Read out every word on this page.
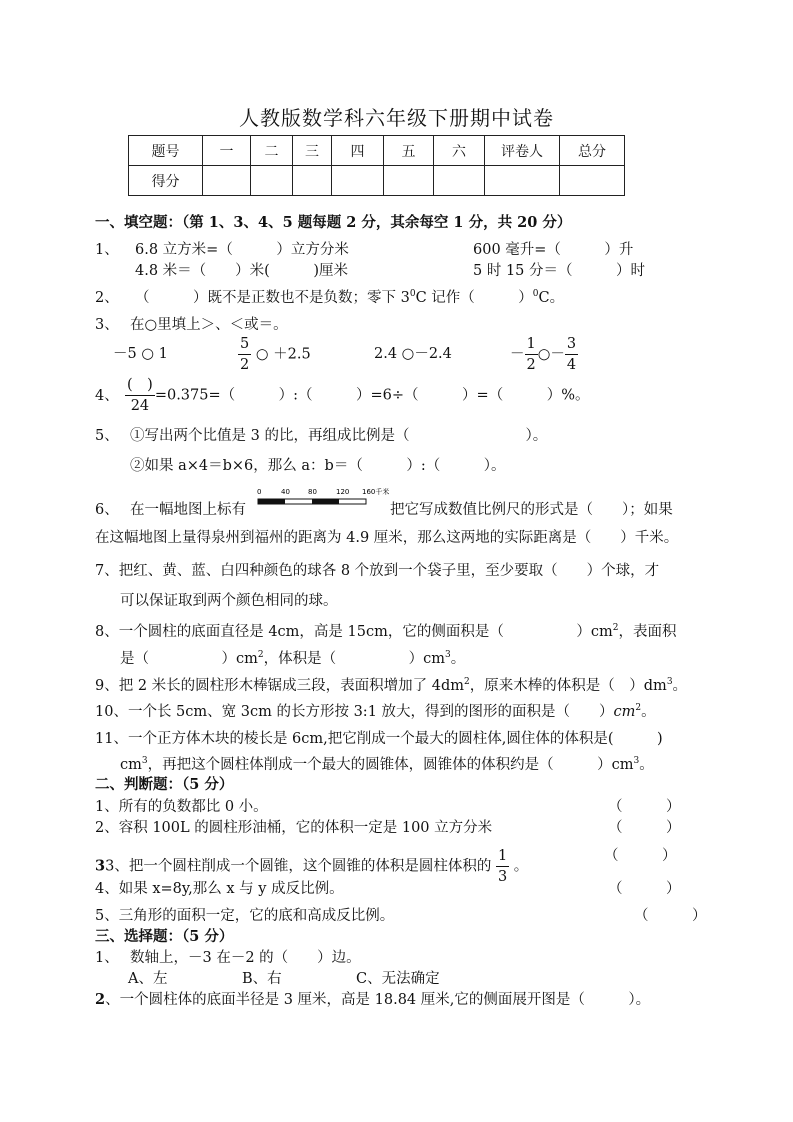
人教版数学科六年级下册期中试卷
题号	一	二	三	四	五	六	评卷人	总分
得分								
一、填空题：（第 1、3、4、5 题每题 2 分，其余每空 1 分，共 20 分）
1、 6.8 立方米=（　　　）立方分米	600 毫升=（　　　）升
4.8 米＝（　　）米(　　　)厘米	5 时 15 分＝（　　　）时
2、 （　　　）既不是正数也不是负数；零下 $3^0C$ 记作（　　　）$^0$C。
3、 在○里填上＞、＜或＝。
－5 ○ 1	$\frac{5}{2}$ ○ ＋2.5	2.4 ○－2.4	－ $\frac{1}{2}$ ○－ $\frac{3}{4}$
4、 $\frac{( )}{24} =0.375=$（　　　）:（　　　）=6÷（　　　）=（　　　）%。
5、 ①写出两个比值是 3 的比，再组成比例是（　　　　　　　　）。
②如果 a×4＝b×6，那么 a：b＝（　　　）:（　　　）。
6、 在一幅地图上标有
0	40	80	120 160千米
把它写成数值比例尺的形式是（　　）；如果
在这幅地图上量得泉州到福州的距离为 4.9 厘米，那么这两地的实际距离是（　　）千米。
7、把红、黄、蓝、白四种颜色的球各 8 个放到一个袋子里，至少要取（　　）个球，才
可以保证取到两个颜色相同的球。
8、一个圆柱的底面直径是 4cm，高是 15cm，它的侧面积是（　　　　　）$cm^2$，表面积
是（　　　　　）$cm^2$，体积是（　　　　　）$cm^3$。
9、把 2 米长的圆柱形木棒锯成三段，表面积增加了 $4dm^2$，原来木棒的体积是（　）$dm^3$。
10、一个长 5cm、宽 3cm 的长方形按 3:1 放大，得到的图形的面积是（　　）$cm^2$。
11、一个正方体木块的棱长是 6cm,把它削成一个最大的圆柱体,圆住体的体积是(　　　)
$cm^3$，再把这个圆柱体削成一个最大的圆锥体，圆锥体的体积约是（　　　）$cm^3$。
二、判断题：（5 分）
1、所有的负数都比 0 小。	（　　　）
2、容积 100L 的圆柱形油桶，它的体积一定是 100 立方分米	（　　　）
33、把一个圆柱削成一个圆锥，这个圆锥的体积是圆柱体积的 $\frac{1}{3}$ 。
（　　　）
4、如果 x=8y,那么 x 与 y 成反比例。	（　　　）
5、三角形的面积一定，它的底和高成反比例。	（　　　）
三、选择题：（5 分）
1、 数轴上，－3 在－2 的（　　）边。
A、左	B、右	C、无法确定
2、一个圆柱体的底面半径是 3 厘米，高是 18.84 厘米,它的侧面展开图是（　　　）。
